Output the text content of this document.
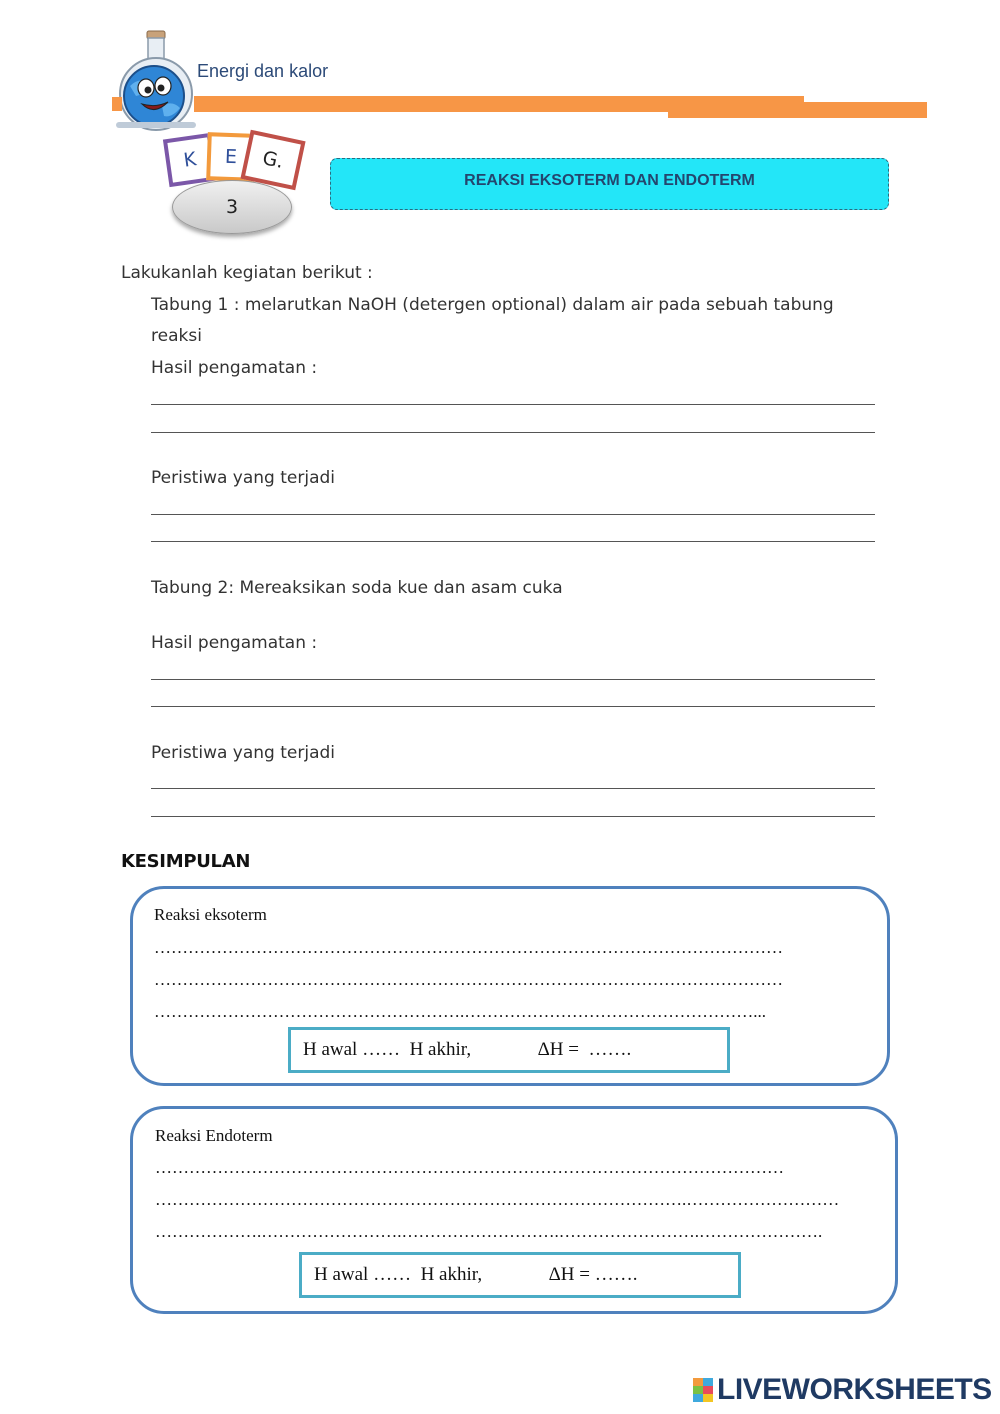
Energi dan kalor
K	E	G.
3
REAKSI EKSOTERM DAN ENDOTERM
Lakukanlah kegiatan berikut :
Tabung 1 : melarutkan NaOH (detergen optional) dalam air pada sebuah tabung
reaksi
Hasil pengamatan :
Peristiwa yang terjadi
Tabung 2: Mereaksikan soda kue dan asam cuka
Hasil pengamatan :
Peristiwa yang terjadi
KESIMPULAN
Reaksi eksoterm
…………………………………………………………………………………………………
…………………………………………………………………………………………………
……………………………………………….……………………………………………...
H awal ……  H akhir,              ΔH =  …….
Reaksi Endoterm
…………………………………………………………………………………………………
………………………………………………………………………………….………………………
……………….…………………….……………………….…………………….………………….
H awal ……  H akhir,              ΔH = …….
LIVEWORKSHEETS
